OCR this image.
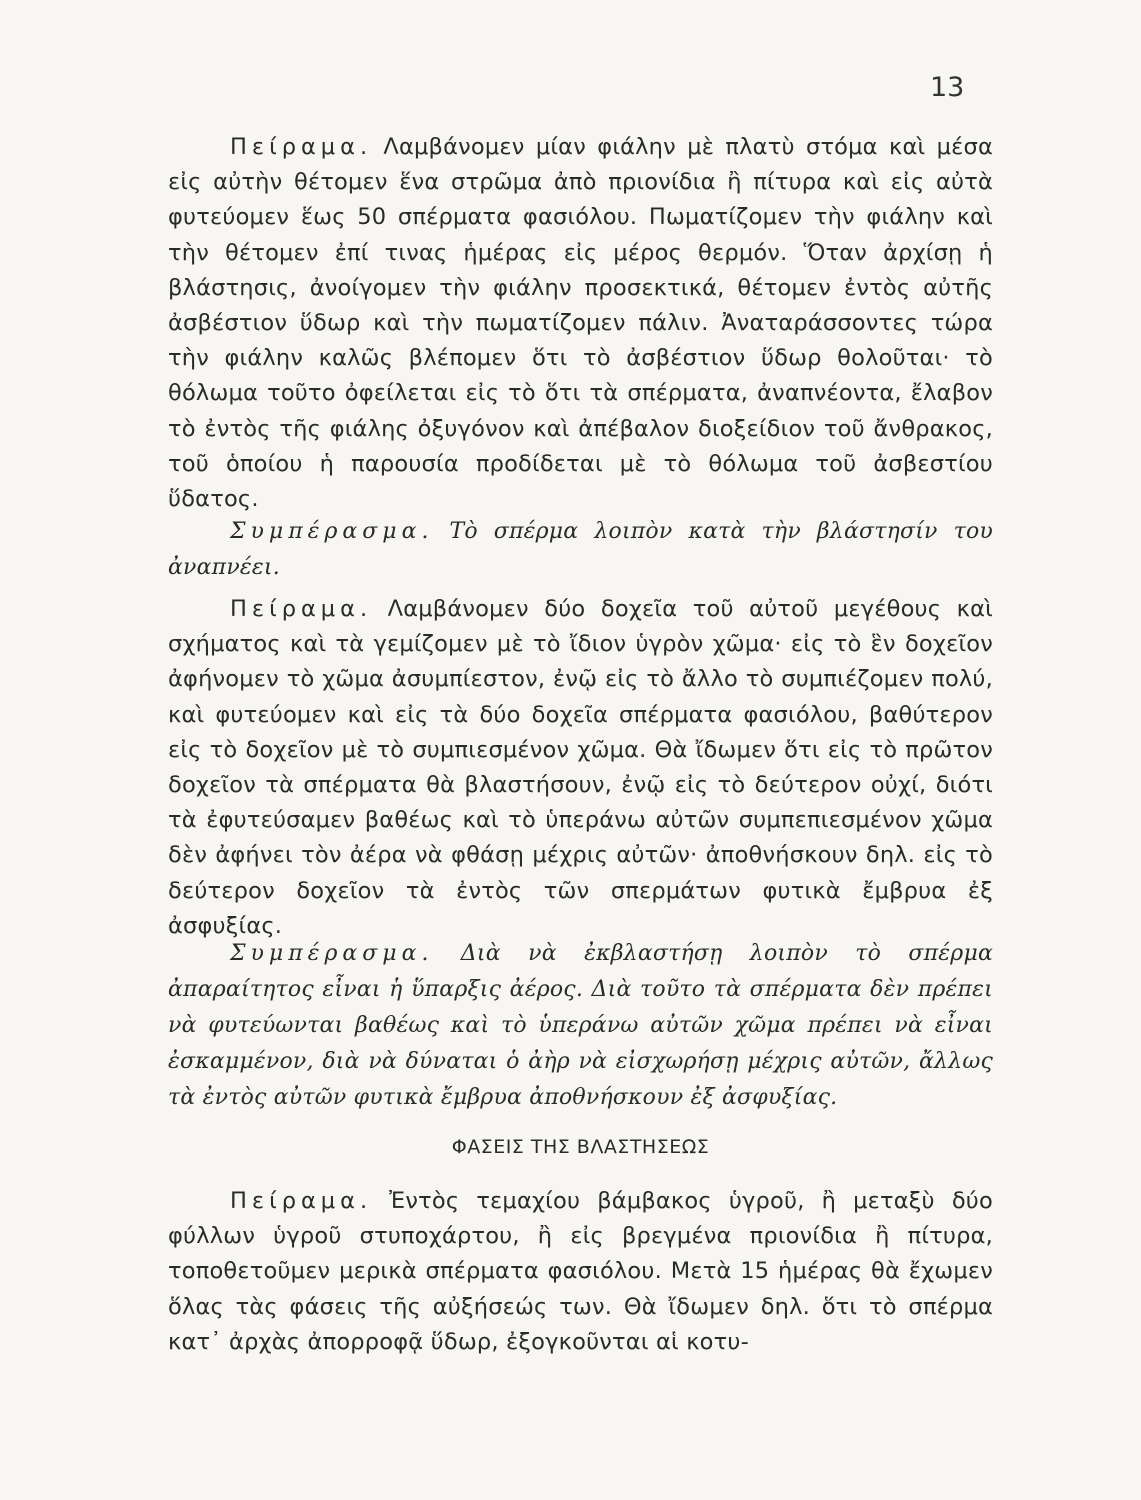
13

Πείραμα. Λαμβάνομεν μίαν φιάλην μὲ πλατὺ στόμα καὶ μέσα εἰς αὐτὴν θέτομεν ἕνα στρῶμα ἀπὸ πριονίδια ἢ πίτυρα καὶ εἰς αὐτὰ φυτεύομεν ἕως 50 σπέρματα φασιόλου. Πωματίζομεν τὴν φιάλην καὶ τὴν θέτομεν ἐπί τινας ἡμέρας εἰς μέρος θερμόν. Ὅταν ἀρχίσῃ ἡ βλάστησις, ἀνοίγομεν τὴν φιάλην προσεκτικά, θέτομεν ἐντὸς αὐτῆς ἀσβέστιον ὕδωρ καὶ τὴν πωματίζομεν πάλιν. Ἀναταράσσοντες τώρα τὴν φιάλην καλῶς βλέπομεν ὅτι τὸ ἀσβέστιον ὕδωρ θολοῦται· τὸ θόλωμα τοῦτο ὀφείλεται εἰς τὸ ὅτι τὰ σπέρματα, ἀναπνέοντα, ἔλαβον τὸ ἐντὸς τῆς φιάλης ὀξυγόνον καὶ ἀπέβαλον διοξείδιον τοῦ ἄνθρακος, τοῦ ὁποίου ἡ παρουσία προδίδεται μὲ τὸ θόλωμα τοῦ ἀσβεστίου ὕδατος.

Συμπέρασμα. Τὸ σπέρμα λοιπὸν κατὰ τὴν βλάστησίν του ἀναπνέει.

Πείραμα. Λαμβάνομεν δύο δοχεῖα τοῦ αὐτοῦ μεγέθους καὶ σχήματος καὶ τὰ γεμίζομεν μὲ τὸ ἴδιον ὑγρὸν χῶμα· εἰς τὸ ἓν δοχεῖον ἀφήνομεν τὸ χῶμα ἀσυμπίεστον, ἐνῷ εἰς τὸ ἄλλο τὸ συμπιέζομεν πολύ, καὶ φυτεύομεν καὶ εἰς τὰ δύο δοχεῖα σπέρματα φασιόλου, βαθύτερον εἰς τὸ δοχεῖον μὲ τὸ συμπιεσμένον χῶμα. Θὰ ἴδωμεν ὅτι εἰς τὸ πρῶτον δοχεῖον τὰ σπέρματα θὰ βλαστήσουν, ἐνῷ εἰς τὸ δεύτερον οὐχί, διότι τὰ ἐφυτεύσαμεν βαθέως καὶ τὸ ὑπεράνω αὐτῶν συμπεπιεσμένον χῶμα δὲν ἀφήνει τὸν ἀέρα νὰ φθάσῃ μέχρις αὐτῶν· ἀποθνήσκουν δηλ. εἰς τὸ δεύτερον δοχεῖον τὰ ἐντὸς τῶν σπερμάτων φυτικὰ ἔμβρυα ἐξ ἀσφυξίας.

Συμπέρασμα. Διὰ νὰ ἐκβλαστήσῃ λοιπὸν τὸ σπέρμα ἀπαραίτητος εἶναι ἡ ὕπαρξις ἀέρος. Διὰ τοῦτο τὰ σπέρματα δὲν πρέπει νὰ φυτεύωνται βαθέως καὶ τὸ ὑπεράνω αὐτῶν χῶμα πρέπει νὰ εἶναι ἐσκαμμένον, διὰ νὰ δύναται ὁ ἀὴρ νὰ εἰσχωρήσῃ μέχρις αὐτῶν, ἄλλως τὰ ἐντὸς αὐτῶν φυτικὰ ἔμβρυα ἀποθνήσκουν ἐξ ἀσφυξίας.

ΦΑΣΕΙΣ ΤΗΣ ΒΛΑΣΤΗΣΕΩΣ

Πείραμα. Ἐντὸς τεμαχίου βάμβακος ὑγροῦ, ἢ μεταξὺ δύο φύλλων ὑγροῦ στυποχάρτου, ἢ εἰς βρεγμένα πριονίδια ἢ πίτυρα, τοποθετοῦμεν μερικὰ σπέρματα φασιόλου. Μετὰ 15 ἡμέρας θὰ ἔχωμεν ὅλας τὰς φάσεις τῆς αὐξήσεώς των. Θὰ ἴδωμεν δηλ. ὅτι τὸ σπέρμα κατ᾽ ἀρχὰς ἀπορροφᾷ ὕδωρ, ἐξογκοῦνται αἱ κοτυ-
